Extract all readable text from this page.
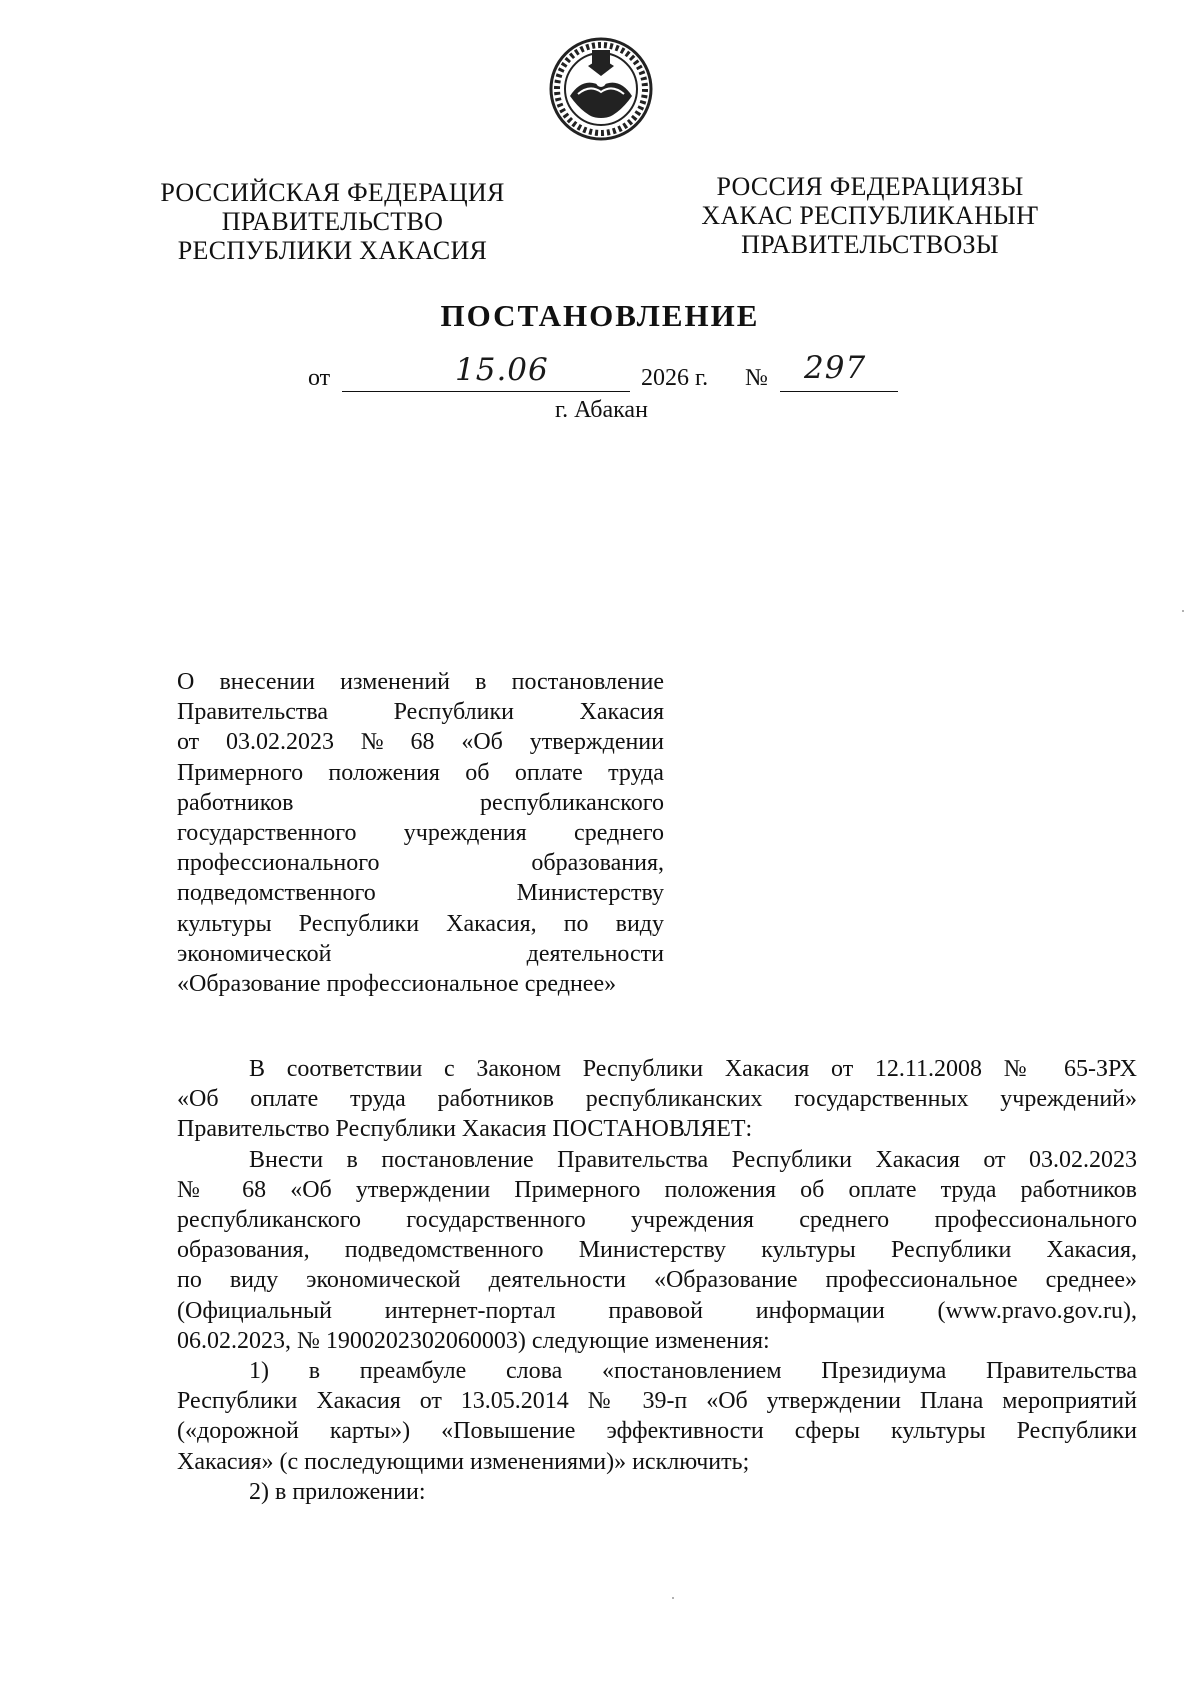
РОССИЙСКАЯ ФЕДЕРАЦИЯ
ПРАВИТЕЛЬСТВО
РЕСПУБЛИКИ ХАКАСИЯ
РОССИЯ ФЕДЕРАЦИЯЗЫ
ХАКАС РЕСПУБЛИКАНЫҤ
ПРАВИТЕЛЬСТВОЗЫ
ПОСТАНОВЛЕНИЕ
от	15.06	2026 г. № 297
г. Абакан
О внесении изменений в постановление
Правительства	Республики	Хакасия
от 03.02.2023 № 68 «Об утверждении
Примерного положения об оплате труда
работников	республиканского
государственного учреждения среднего
профессионального	образования,
подведомственного	Министерству
культуры Республики Хакасия, по виду
экономической	деятельности
«Образование профессиональное среднее»
В соответствии с Законом Республики Хакасия от 12.11.2008 № 65-ЗРХ
«Об оплате труда работников республиканских государственных учреждений»
Правительство Республики Хакасия ПОСТАНОВЛЯЕТ:
Внести в постановление Правительства Республики Хакасия от 03.02.2023
№ 68 «Об утверждении Примерного положения об оплате труда работников
республиканского государственного учреждения среднего профессионального
образования, подведомственного Министерству культуры Республики Хакасия,
по виду экономической деятельности «Образование профессиональное среднее»
(Официальный интернет-портал правовой информации (www.pravo.gov.ru),
06.02.2023, № 1900202302060003) следующие изменения:
1) в преамбуле слова «постановлением Президиума Правительства
Республики Хакасия от 13.05.2014 № 39-п «Об утверждении Плана мероприятий
(«дорожной карты») «Повышение эффективности сферы культуры Республики
Хакасия» (с последующими изменениями)» исключить;
2) в приложении:
